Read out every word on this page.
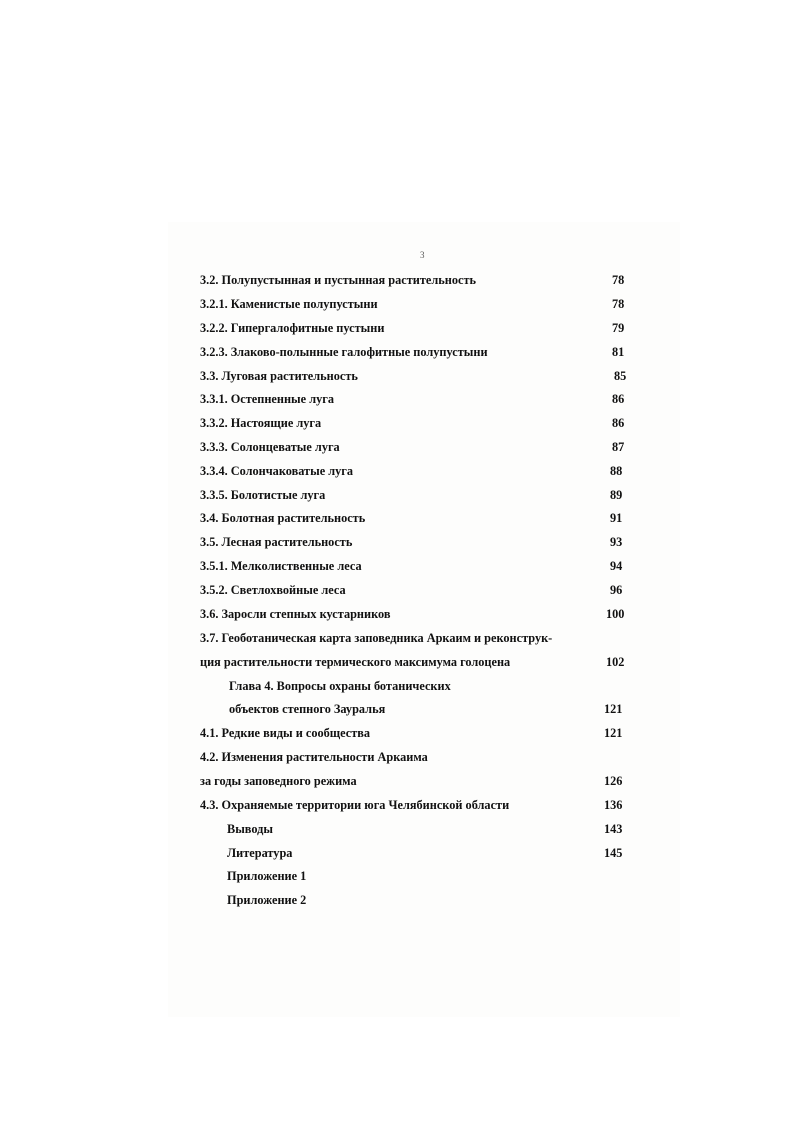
3
3.2. Полупустынная и пустынная растительность	78
3.2.1. Каменистые полупустыни	78
3.2.2. Гипергалофитные пустыни	79
3.2.3. Злаково-полынные галофитные полупустыни	81
3.3. Луговая растительность	85
3.3.1. Остепненные луга	86
3.3.2. Настоящие луга	86
3.3.3. Солонцеватые луга	87
3.3.4. Солончаковатые луга	88
3.3.5. Болотистые луга	89
3.4. Болотная растительность	91
3.5. Лесная растительность	93
3.5.1. Мелколиственные леса	94
3.5.2. Светлохвойные леса	96
3.6. Заросли степных кустарников	100
3.7. Геоботаническая карта заповедника Аркаим и реконструк-
ция растительности термического максимума голоцена	102
Глава 4. Вопросы охраны ботанических
объектов степного Зауралья	121
4.1. Редкие виды и сообщества	121
4.2. Изменения растительности Аркаима
за годы заповедного режима	126
4.3. Охраняемые территории юга Челябинской области	136
Выводы	143
Литература	145
Приложение 1
Приложение 2
